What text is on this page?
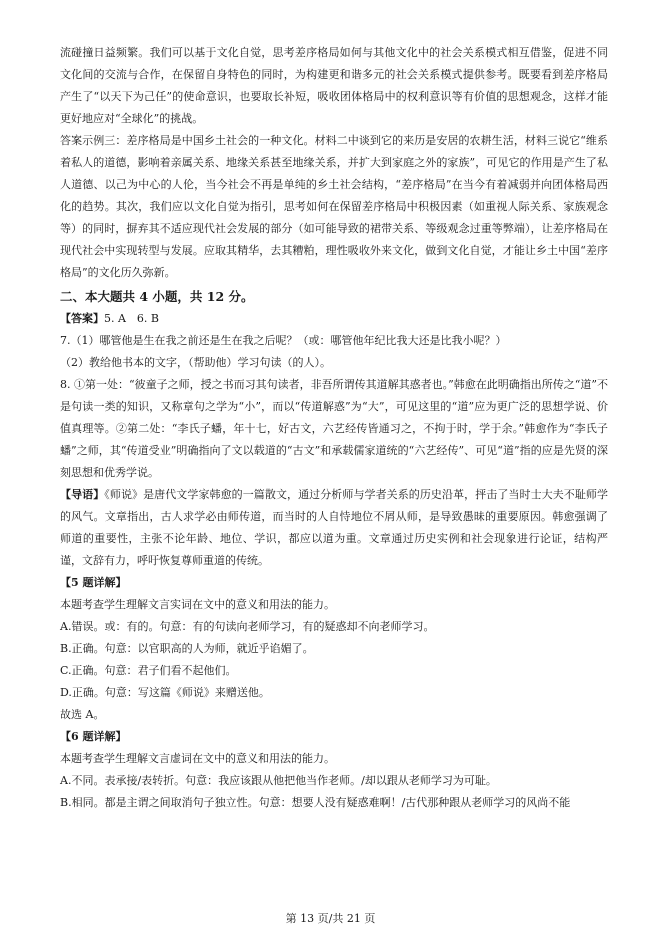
流碰撞日益频繁。我们可以基于文化自觉，思考差序格局如何与其他文化中的社会关系模式相互借鉴，促进不同文化间的交流与合作，在保留自身特色的同时，为构建更和谐多元的社会关系模式提供参考。既要看到差序格局产生了“以天下为己任”的使命意识，也要取长补短，吸收团体格局中的权利意识等有价值的思想观念，这样才能更好地应对“全球化”的挑战。

答案示例三：差序格局是中国乡土社会的一种文化。材料二中谈到它的来历是安居的农耕生活，材料三说它“维系着私人的道德，影响着亲属关系、地缘关系甚至地缘关系，并扩大到家庭之外的家族”，可见它的作用是产生了私人道德、以己为中心的人伦，当今社会不再是单纯的乡土社会结构，“差序格局”在当今有着减弱并向团体格局西化的趋势。其次，我们应以文化自觉为指引，思考如何在保留差序格局中积极因素（如重视人际关系、家族观念等）的同时，摒弃其不适应现代社会发展的部分（如可能导致的裙带关系、等级观念过重等弊端），让差序格局在现代社会中实现转型与发展。应取其精华，去其糟粕，理性吸收外来文化，做到文化自觉，才能让乡土中国“差序格局”的文化历久弥新。

二、本大题共 4 小题，共 12 分。

【答案】5. A　6. B

7.（1）哪管他是生在我之前还是生在我之后呢？（或：哪管他年纪比我大还是比我小呢？）

（2）教给他书本的文字，（帮助他）学习句读（的人）。

8. ①第一处：“彼童子之师，授之书而习其句读者，非吾所谓传其道解其惑者也。”韩愈在此明确指出所传之“道”不是句读一类的知识，又称章句之学为“小”，而以“传道解惑”为“大”，可见这里的“道”应为更广泛的思想学说、价值真理等。②第二处：“李氏子蟠，年十七，好古文，六艺经传皆通习之，不拘于时，学于余。”韩愈作为“李氏子蟠”之师，其“传道受业”明确指向了文以载道的“古文”和承载儒家道统的“六艺经传”、可见“道”指的应是先贤的深刻思想和优秀学说。

【导语】《师说》是唐代文学家韩愈的一篇散文，通过分析师与学者关系的历史沿革，抨击了当时士大夫不耻师学的风气。文章指出，古人求学必由师传道，而当时的人自恃地位不屑从师，是导致愚昧的重要原因。韩愈强调了师道的重要性，主张不论年龄、地位、学识，都应以道为重。文章通过历史实例和社会现象进行论证，结构严谨，文辞有力，呼吁恢复尊师重道的传统。

【5 题详解】

本题考查学生理解文言实词在文中的意义和用法的能力。

A.错误。或：有的。句意：有的句读向老师学习，有的疑惑却不向老师学习。

B.正确。句意：以官职高的人为师，就近乎谄媚了。

C.正确。句意：君子们看不起他们。

D.正确。句意：写这篇《师说》来赠送他。

故选 A。

【6 题详解】

本题考查学生理解文言虚词在文中的意义和用法的能力。

A.不同。表承接/表转折。句意：我应该跟从他把他当作老师。/却以跟从老师学习为可耻。

B.相同。都是主谓之间取消句子独立性。句意：想要人没有疑惑难啊！/古代那种跟从老师学习的风尚不能

第 13 页/共 21 页
